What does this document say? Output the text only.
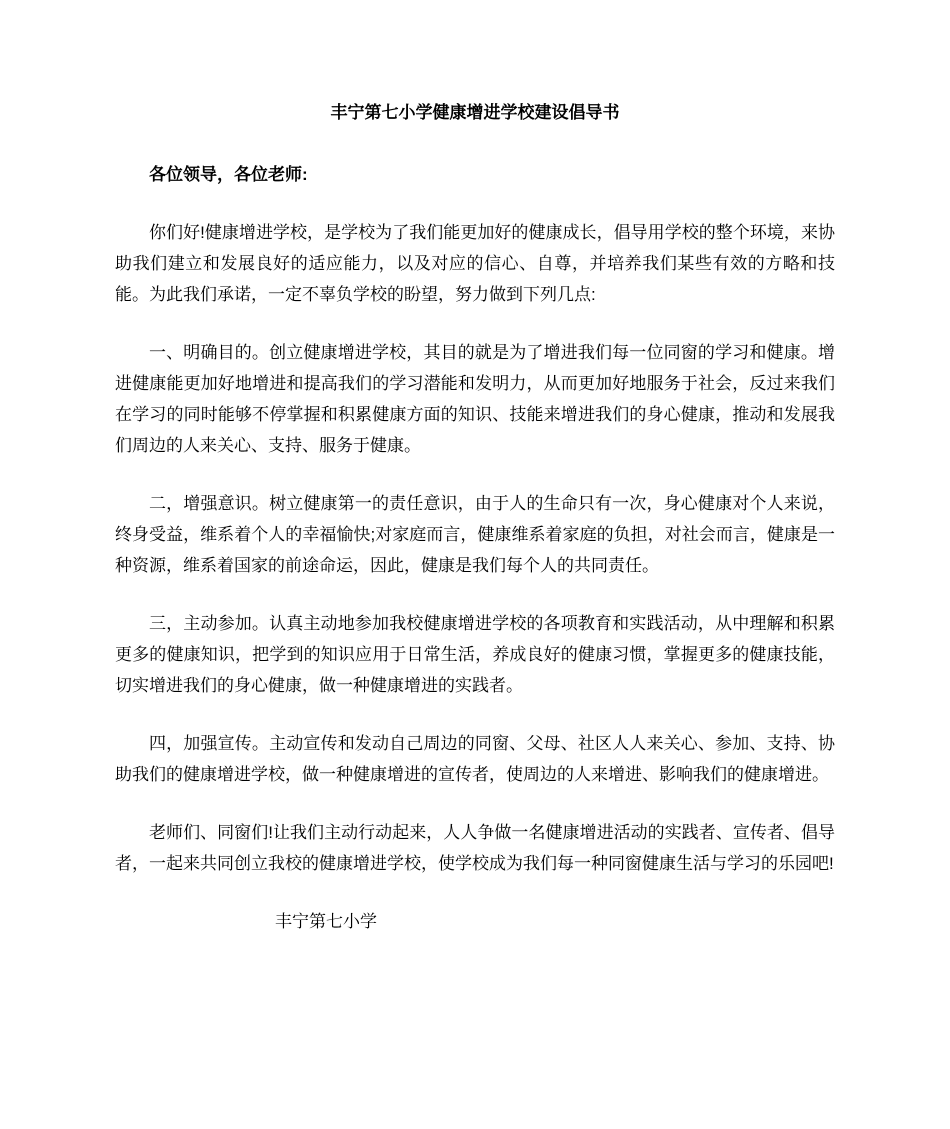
丰宁第七小学健康增进学校建设倡导书

各位领导，各位老师:

你们好!健康增进学校，是学校为了我们能更加好的健康成长，倡导用学校的整个环境，来协助我们建立和发展良好的适应能力，以及对应的信心、自尊，并培养我们某些有效的方略和技能。为此我们承诺，一定不辜负学校的盼望，努力做到下列几点:

一、明确目的。创立健康增进学校，其目的就是为了增进我们每一位同窗的学习和健康。增进健康能更加好地增进和提高我们的学习潜能和发明力，从而更加好地服务于社会，反过来我们在学习的同时能够不停掌握和积累健康方面的知识、技能来增进我们的身心健康，推动和发展我们周边的人来关心、支持、服务于健康。

二，增强意识。树立健康第一的责任意识，由于人的生命只有一次，身心健康对个人来说，终身受益，维系着个人的幸福愉快;对家庭而言，健康维系着家庭的负担，对社会而言，健康是一种资源，维系着国家的前途命运，因此，健康是我们每个人的共同责任。

三，主动参加。认真主动地参加我校健康增进学校的各项教育和实践活动，从中理解和积累更多的健康知识，把学到的知识应用于日常生活，养成良好的健康习惯，掌握更多的健康技能，切实增进我们的身心健康，做一种健康增进的实践者。

四，加强宣传。主动宣传和发动自己周边的同窗、父母、社区人人来关心、参加、支持、协助我们的健康增进学校，做一种健康增进的宣传者，使周边的人来增进、影响我们的健康增进。

老师们、同窗们!让我们主动行动起来，人人争做一名健康增进活动的实践者、宣传者、倡导者，一起来共同创立我校的健康增进学校，使学校成为我们每一种同窗健康生活与学习的乐园吧!

丰宁第七小学
